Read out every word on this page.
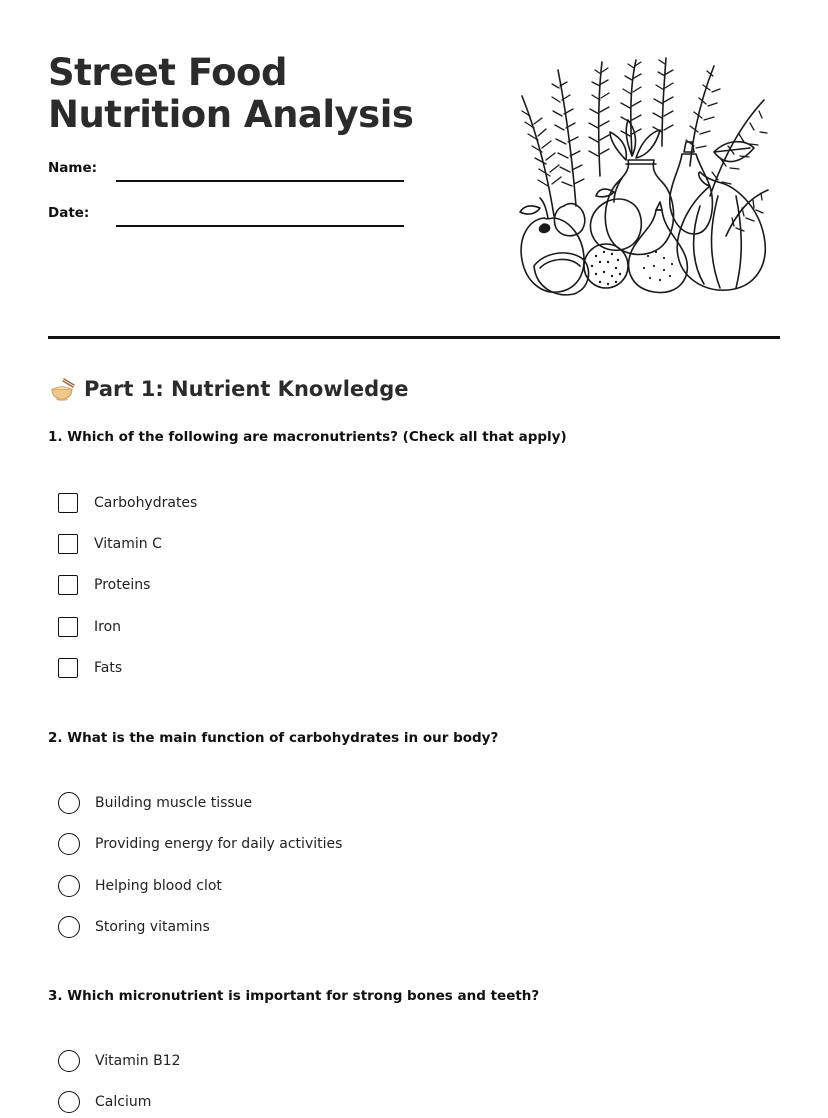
Street Food Nutrition Analysis
Name:
Date:
Part 1: Nutrient Knowledge
1. Which of the following are macronutrients? (Check all that apply)
Carbohydrates
Vitamin C
Proteins
Iron
Fats
2. What is the main function of carbohydrates in our body?
Building muscle tissue
Providing energy for daily activities
Helping blood clot
Storing vitamins
3. Which micronutrient is important for strong bones and teeth?
Vitamin B12
Calcium
